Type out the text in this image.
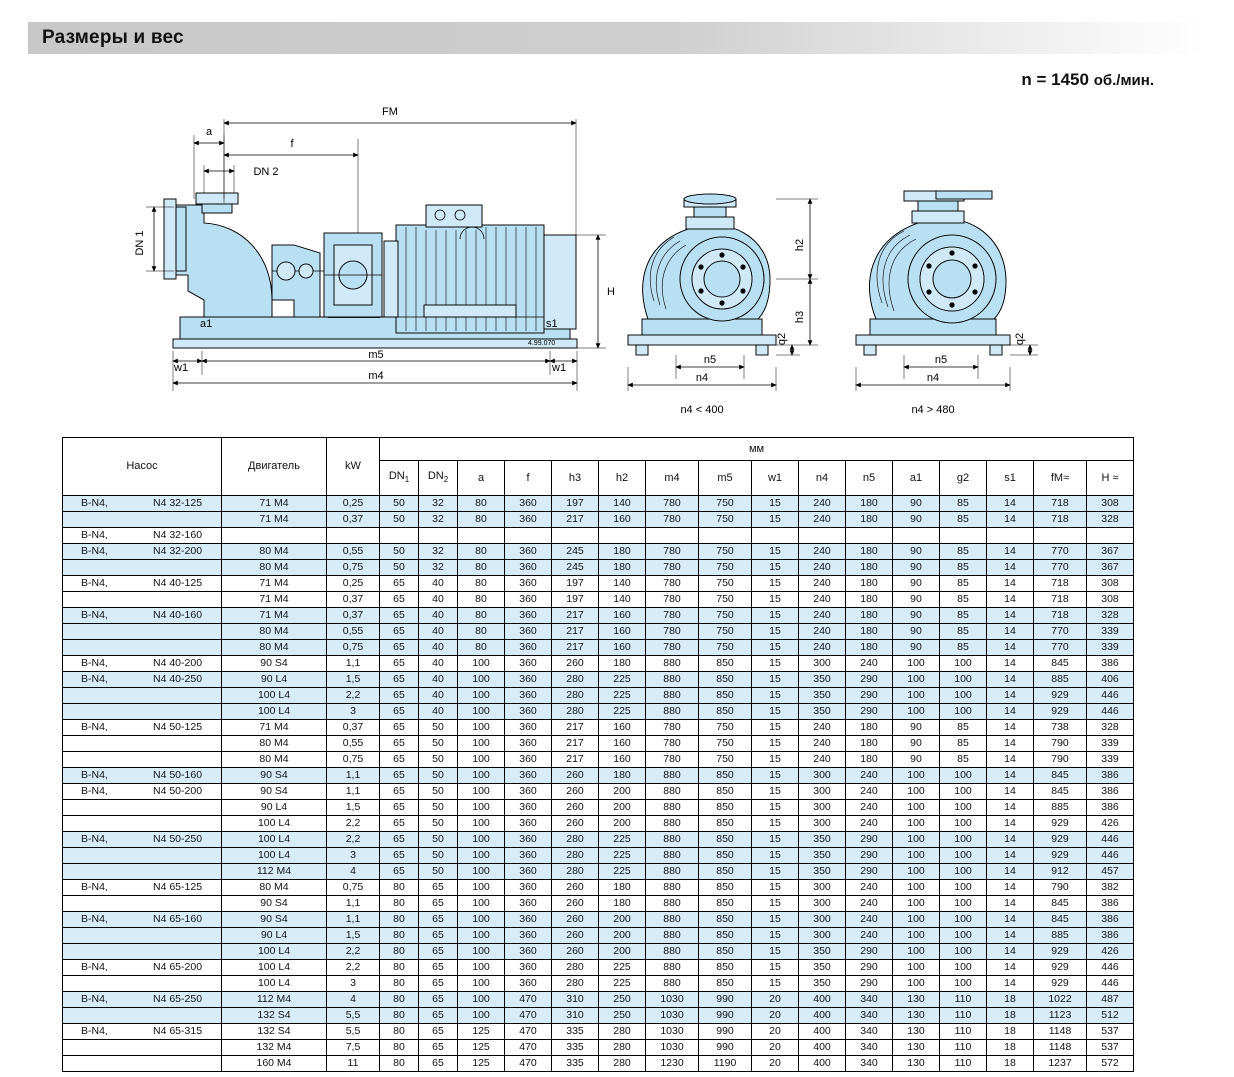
Размеры и вес
n = 1450 об./мин.
FM
a
f
DN 2
DN 1
H
a1	s1
4.99.070
w1
m5
w1
m4
h2
h3
q2
n5
n4
n4 < 400
q2
n5
n4
n4 > 480
Насос	Двигатель	kW	мм															
			$DN_1$	$DN_2$	a	f	h3	h2	m4	m5	w1	n4	n5	a1	g2	s1	fM≈	H ≈
B-N4, N4 32-125	71 M4	0,25	50	32	80	360	197	140	780	750	15	240	180	90	85	14	718	308
	71 M4	0,37	50	32	80	360	217	160	780	750	15	240	180	90	85	14	718	328
B-N4, N4 32-160																		
B-N4, N4 32-200	80 M4	0,55	50	32	80	360	245	180	780	750	15	240	180	90	85	14	770	367
	80 M4	0,75	50	32	80	360	245	180	780	750	15	240	180	90	85	14	770	367
B-N4, N4 40-125	71 M4	0,25	65	40	80	360	197	140	780	750	15	240	180	90	85	14	718	308
	71 M4	0,37	65	40	80	360	197	140	780	750	15	240	180	90	85	14	718	308
B-N4, N4 40-160	71 M4	0,37	65	40	80	360	217	160	780	750	15	240	180	90	85	14	718	328
	80 M4	0,55	65	40	80	360	217	160	780	750	15	240	180	90	85	14	770	339
	80 M4	0,75	65	40	80	360	217	160	780	750	15	240	180	90	85	14	770	339
B-N4, N4 40-200	90 S4	1,1	65	40	100	360	260	180	880	850	15	300	240	100	100	14	845	386
B-N4, N4 40-250	90 L4	1,5	65	40	100	360	280	225	880	850	15	350	290	100	100	14	885	406
	100 L4	2,2	65	40	100	360	280	225	880	850	15	350	290	100	100	14	929	446
	100 L4	3	65	40	100	360	280	225	880	850	15	350	290	100	100	14	929	446
B-N4, N4 50-125	71 M4	0,37	65	50	100	360	217	160	780	750	15	240	180	90	85	14	738	328
	80 M4	0,55	65	50	100	360	217	160	780	750	15	240	180	90	85	14	790	339
	80 M4	0,75	65	50	100	360	217	160	780	750	15	240	180	90	85	14	790	339
B-N4, N4 50-160	90 S4	1,1	65	50	100	360	260	180	880	850	15	300	240	100	100	14	845	386
B-N4, N4 50-200	90 S4	1,1	65	50	100	360	260	200	880	850	15	300	240	100	100	14	845	386
	90 L4	1,5	65	50	100	360	260	200	880	850	15	300	240	100	100	14	885	386
	100 L4	2,2	65	50	100	360	260	200	880	850	15	300	240	100	100	14	929	426
B-N4, N4 50-250	100 L4	2,2	65	50	100	360	280	225	880	850	15	350	290	100	100	14	929	446
	100 L4	3	65	50	100	360	280	225	880	850	15	350	290	100	100	14	929	446
	112 M4	4	65	50	100	360	280	225	880	850	15	350	290	100	100	14	912	457
B-N4, N4 65-125	80 M4	0,75	80	65	100	360	260	180	880	850	15	300	240	100	100	14	790	382
	90 S4	1,1	80	65	100	360	260	180	880	850	15	300	240	100	100	14	845	386
B-N4, N4 65-160	90 S4	1,1	80	65	100	360	260	200	880	850	15	300	240	100	100	14	845	386
	90 L4	1,5	80	65	100	360	260	200	880	850	15	300	240	100	100	14	885	386
	100 L4	2,2	80	65	100	360	260	200	880	850	15	350	290	100	100	14	929	426
B-N4, N4 65-200	100 L4	2,2	80	65	100	360	280	225	880	850	15	350	290	100	100	14	929	446
	100 L4	3	80	65	100	360	280	225	880	850	15	350	290	100	100	14	929	446
B-N4, N4 65-250	112 M4	4	80	65	100	470	310	250	1030	990	20	400	340	130	110	18	1022	487
	132 S4	5,5	80	65	100	470	310	250	1030	990	20	400	340	130	110	18	1123	512
B-N4, N4 65-315	132 S4	5,5	80	65	125	470	335	280	1030	990	20	400	340	130	110	18	1148	537
	132 M4	7,5	80	65	125	470	335	280	1030	990	20	400	340	130	110	18	1148	537
	160 M4	11	80	65	125	470	335	280	1230	1190	20	400	340	130	110	18	1237	572
